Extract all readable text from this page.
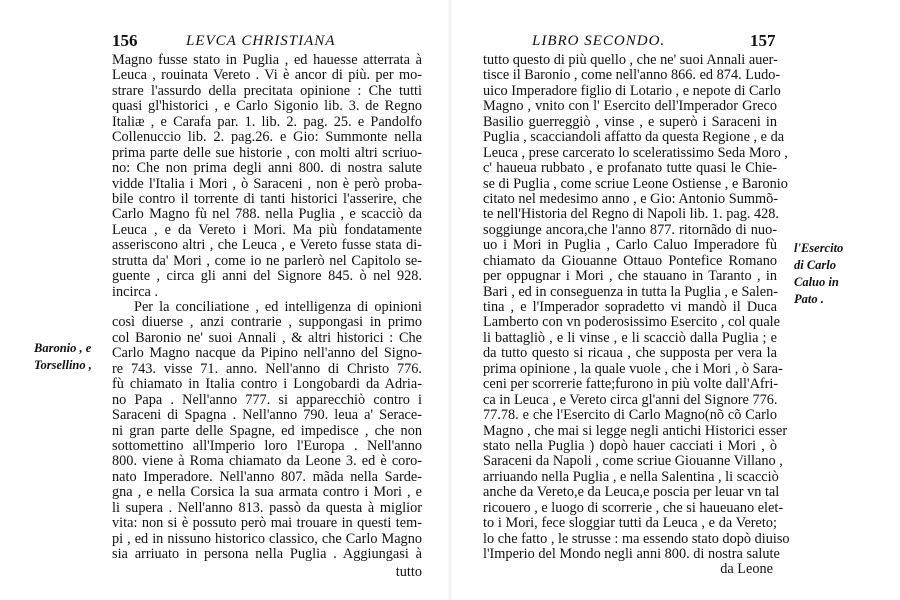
156	LEVCA CHRISTIANA
Magno fusse stato in Puglia , ed hauesse atterrata à
Leuca , rouinata Vereto . Vi è ancor di più. per mo-
strare l'assurdo della precitata opinione : Che tutti
quasi gl'historici , e Carlo Sigonio lib. 3. de Regno
Italiæ , e Carafa par. 1. lib. 2. pag. 25. e Pandolfo
Collenuccio lib. 2. pag.26. e Gio: Summonte nella
prima parte delle sue historie , con molti altri scriuo-
no: Che non prima degli anni 800. di nostra salute
vidde l'Italia i Mori , ò Saraceni , non è però proba-
bile contro il torrente di tanti historici l'asserire, che
Carlo Magno fù nel 788. nella Puglia , e scacciò da
Leuca , e da Vereto i Mori. Ma più fondatamente
asseriscono altri , che Leuca , e Vereto fusse stata di-
strutta da' Mori , come io ne parlerò nel Capitolo se-
guente , circa gli anni del Signore 845. ò nel 928.
incirca .
Per la conciliatione , ed intelligenza di opinioni
così diuerse , anzi contrarie , suppongasi in primo
col Baronio ne' suoi Annali , & altri historici : Che
Carlo Magno nacque da Pipino nell'anno del Signo-
re 743. visse 71. anno. Nell'anno di Christo 776.
fù chiamato in Italia contro i Longobardi da Adria-
no Papa . Nell'anno 777. si apparecchiò contro i
Saraceni di Spagna . Nell'anno 790. leua a' Serace-
ni gran parte delle Spagne, ed impedisce , che non
sottomettino all'Imperio loro l'Europa . Nell'anno
800. viene à Roma chiamato da Leone 3. ed è coro-
nato Imperadore. Nell'anno 807. mãda nella Sarde-
gna , e nella Corsica la sua armata contro i Mori , e
li supera . Nell'anno 813. passò da questa à miglior
vita: non si è possuto però mai trouare in questi tem-
pi , ed in nissuno historico classico, che Carlo Magno
sia arriuato in persona nella Puglia . Aggiungasi à
tutto
Baronio , e
Torsellino ,
LIBRO SECONDO.	157
tutto questo di più quello , che ne' suoi Annali auer-
tisce il Baronio , come nell'anno 866. ed 874. Ludo-
uico Imperadore figlio di Lotario , e nepote di Carlo
Magno , vnito con l' Esercito dell'Imperador Greco
Basilio guerreggiò , vinse , e superò i Saraceni in
Puglia , scacciandoli affatto da questa Regione , e da
Leuca , prese carcerato lo sceleratissimo Seda Moro ,
c' haueua rubbato , e profanato tutte quasi le Chie-
se di Puglia , come scriue Leone Ostiense , e Baronio
citato nel medesimo anno , e Gio: Antonio Summõ-
te nell'Historia del Regno di Napoli lib. 1. pag. 428.
soggiunge ancora,che l'anno 877. ritornãdo di nuo-
uo i Mori in Puglia , Carlo Caluo Imperadore fù
chiamato da Giouanne Ottauo Pontefice Romano
per oppugnar i Mori , che stauano in Taranto , in
Bari , ed in conseguenza in tutta la Puglia , e Salen-
tina , e l'Imperador sopradetto vi mandò il Duca
Lamberto con vn poderosissimo Esercito , col quale
li battagliò , e li vinse , e li scacciò dalla Puglia ; e
da tutto questo si ricaua , che supposta per vera la
prima opinione , la quale vuole , che i Mori , ò Sara-
ceni per scorrerie fatte;furono in più volte dall'Afri-
ca in Leuca , e Vereto circa gl'anni del Signore 776.
77.78. e che l'Esercito di Carlo Magno(nõ cõ Carlo
Magno , che mai si legge negli antichi Historici esser
stato nella Puglia ) dopò hauer cacciati i Mori , ò
Saraceni da Napoli , come scriue Giouanne Villano ,
arriuando nella Puglia , e nella Salentina , li scacciò
anche da Vereto,e da Leuca,e poscia per leuar vn tal
ricouero , e luogo di scorrerie , che si haueuano elet-
to i Mori, fece sloggiar tutti da Leuca , e da Vereto;
lo che fatto , le strusse : ma essendo stato dopò diuiso
l'Imperio del Mondo negli anni 800. di nostra salute
da Leone
l'Esercito
di Carlo
Caluo in
Pato .
